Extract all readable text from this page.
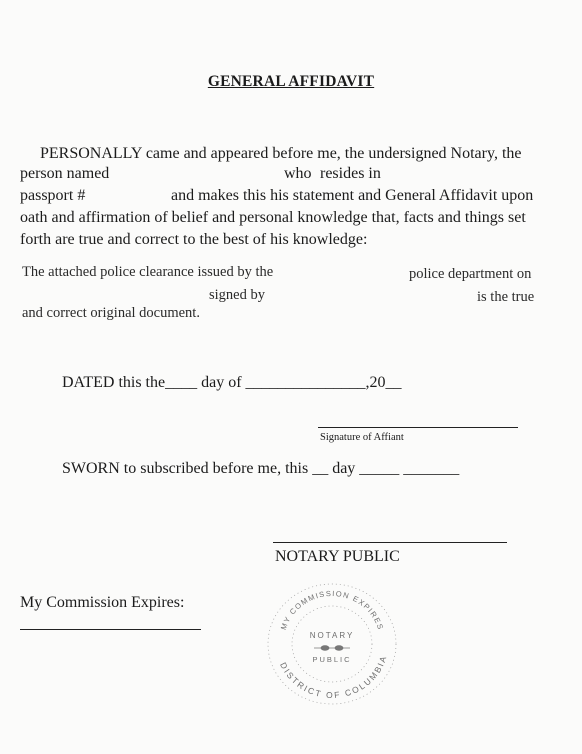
GENERAL AFFIDAVIT
PERSONALLY came and appeared before me, the undersigned Notary, the
person named	who resides in
passport #	and makes this his statement and General Affidavit upon
oath and affirmation of belief and personal knowledge that, facts and things set
forth are true and correct to the best of his knowledge:
The attached police clearance issued by the	police department on
signed by	is the true
and correct original document.
DATED this the____ day of _______________,20__
Signature of Affiant
SWORN to subscribed before me, this __ day _____ _______
NOTARY PUBLIC
My Commission Expires:
MY COMMISSION EXPIRES
DISTRICT OF COLUMBIA
NOTARY
PUBLIC
